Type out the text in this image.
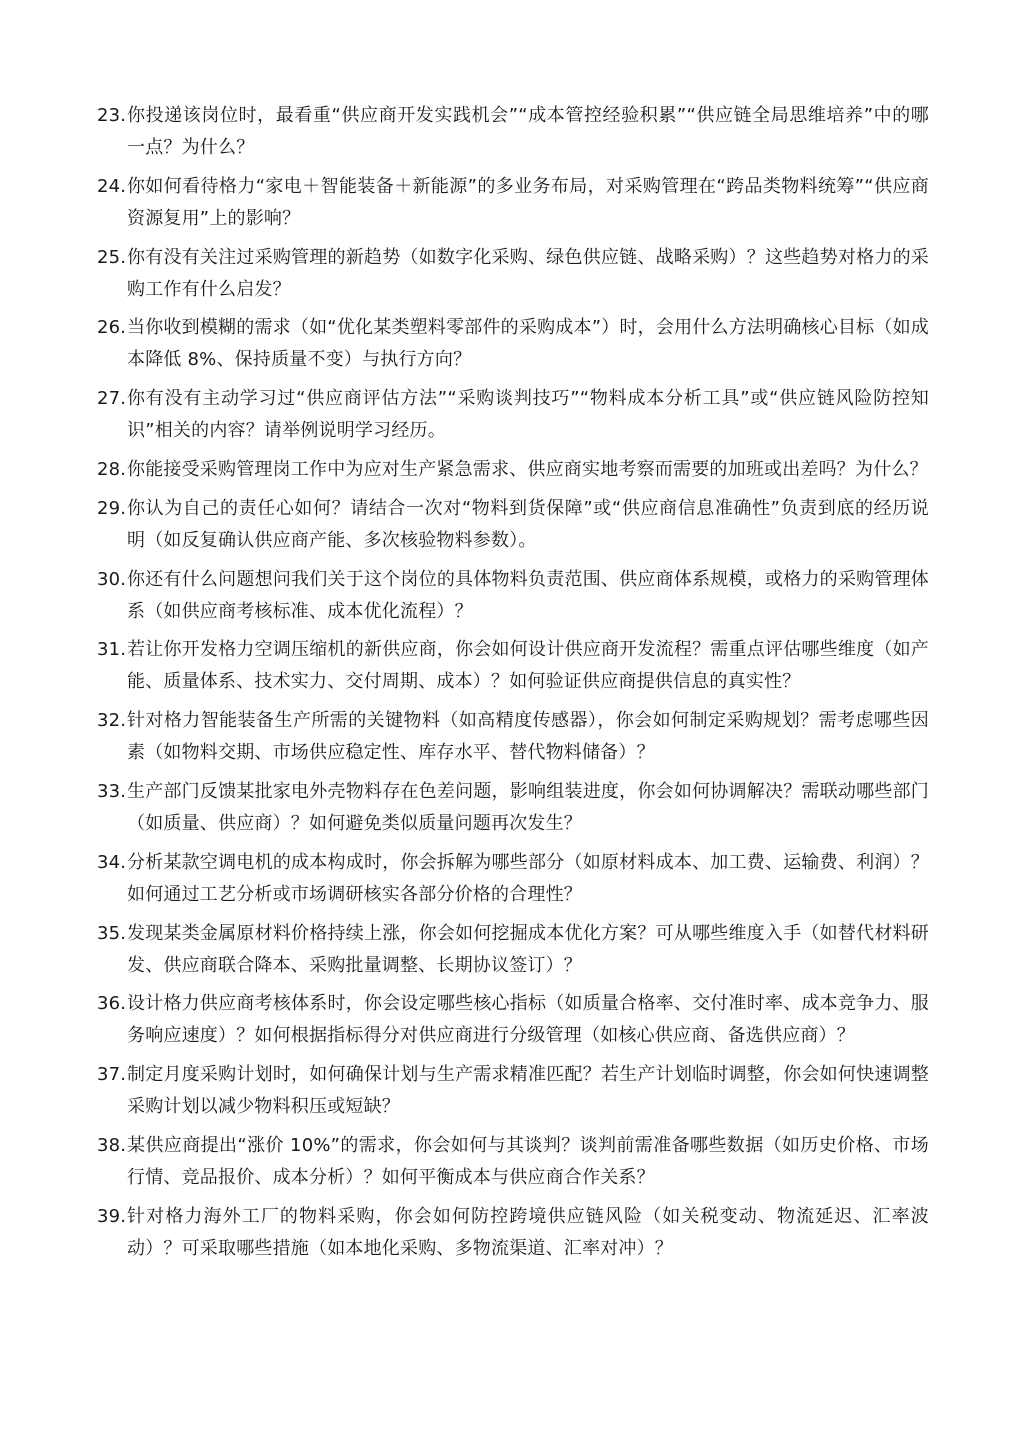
23. 你投递该岗位时，最看重“供应商开发实践机会”“成本管控经验积累”“供应链全局思维培养”中的哪一点？为什么？
24. 你如何看待格力“家电＋智能装备＋新能源”的多业务布局，对采购管理在“跨品类物料统筹”“供应商资源复用”上的影响？
25. 你有没有关注过采购管理的新趋势（如数字化采购、绿色供应链、战略采购）？这些趋势对格力的采购工作有什么启发？
26. 当你收到模糊的需求（如“优化某类塑料零部件的采购成本”）时，会用什么方法明确核心目标（如成本降低 8%、保持质量不变）与执行方向？
27. 你有没有主动学习过“供应商评估方法”“采购谈判技巧”“物料成本分析工具”或“供应链风险防控知识”相关的内容？请举例说明学习经历。
28. 你能接受采购管理岗工作中为应对生产紧急需求、供应商实地考察而需要的加班或出差吗？为什么？
29. 你认为自己的责任心如何？请结合一次对“物料到货保障”或“供应商信息准确性”负责到底的经历说明（如反复确认供应商产能、多次核验物料参数）。
30. 你还有什么问题想问我们关于这个岗位的具体物料负责范围、供应商体系规模，或格力的采购管理体系（如供应商考核标准、成本优化流程）？
31. 若让你开发格力空调压缩机的新供应商，你会如何设计供应商开发流程？需重点评估哪些维度（如产能、质量体系、技术实力、交付周期、成本）？如何验证供应商提供信息的真实性？
32. 针对格力智能装备生产所需的关键物料（如高精度传感器），你会如何制定采购规划？需考虑哪些因素（如物料交期、市场供应稳定性、库存水平、替代物料储备）？
33. 生产部门反馈某批家电外壳物料存在色差问题，影响组装进度，你会如何协调解决？需联动哪些部门（如质量、供应商）？如何避免类似质量问题再次发生？
34. 分析某款空调电机的成本构成时，你会拆解为哪些部分（如原材料成本、加工费、运输费、利润）？如何通过工艺分析或市场调研核实各部分价格的合理性？
35. 发现某类金属原材料价格持续上涨，你会如何挖掘成本优化方案？可从哪些维度入手（如替代材料研发、供应商联合降本、采购批量调整、长期协议签订）？
36. 设计格力供应商考核体系时，你会设定哪些核心指标（如质量合格率、交付准时率、成本竞争力、服务响应速度）？如何根据指标得分对供应商进行分级管理（如核心供应商、备选供应商）？
37. 制定月度采购计划时，如何确保计划与生产需求精准匹配？若生产计划临时调整，你会如何快速调整采购计划以减少物料积压或短缺？
38. 某供应商提出“涨价 10%”的需求，你会如何与其谈判？谈判前需准备哪些数据（如历史价格、市场行情、竞品报价、成本分析）？如何平衡成本与供应商合作关系？
39. 针对格力海外工厂的物料采购，你会如何防控跨境供应链风险（如关税变动、物流延迟、汇率波动）？可采取哪些措施（如本地化采购、多物流渠道、汇率对冲）？
